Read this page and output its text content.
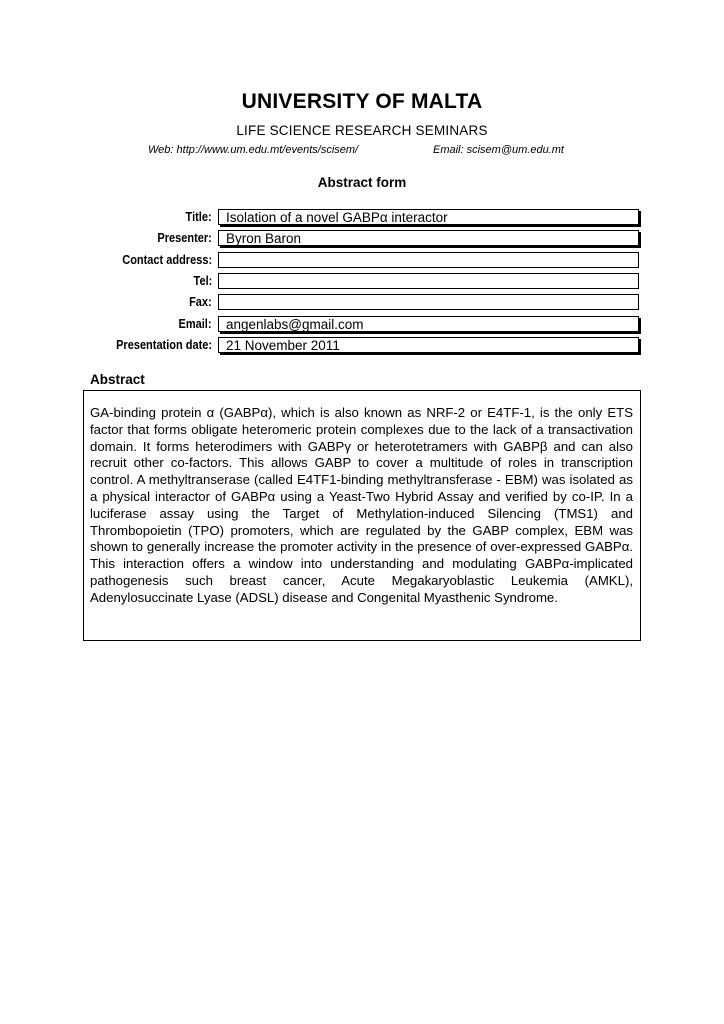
UNIVERSITY OF MALTA
LIFE SCIENCE RESEARCH SEMINARS
Web: http://www.um.edu.mt/events/scisem/	Email: scisem@um.edu.mt
Abstract form
Title:	Isolation of a novel GABPα interactor
Presenter:	Byron Baron
Contact address:
Tel:
Fax:
Email:	angenlabs@gmail.com
Presentation date:	21 November 2011
Abstract

GA-binding protein α (GABPα), which is also known as NRF-2 or E4TF-1, is the only ETS factor that forms obligate heteromeric protein complexes due to the lack of a transactivation domain. It forms heterodimers with GABPγ or heterotetramers with GABPβ and can also recruit other co-factors. This allows GABP to cover a multitude of roles in transcription control. A methyltranserase (called E4TF1-binding methyltransferase - EBM) was isolated as a physical interactor of GABPα using a Yeast-Two Hybrid Assay and verified by co-IP. In a luciferase assay using the Target of Methylation-induced Silencing (TMS1) and Thrombopoietin (TPO) promoters, which are regulated by the GABP complex, EBM was shown to generally increase the promoter activity in the presence of over-expressed GABPα. This interaction offers a window into understanding and modulating GABPα-implicated pathogenesis such breast cancer, Acute Megakaryoblastic Leukemia (AMKL), Adenylosuccinate Lyase (ADSL) disease and Congenital Myasthenic Syndrome.
